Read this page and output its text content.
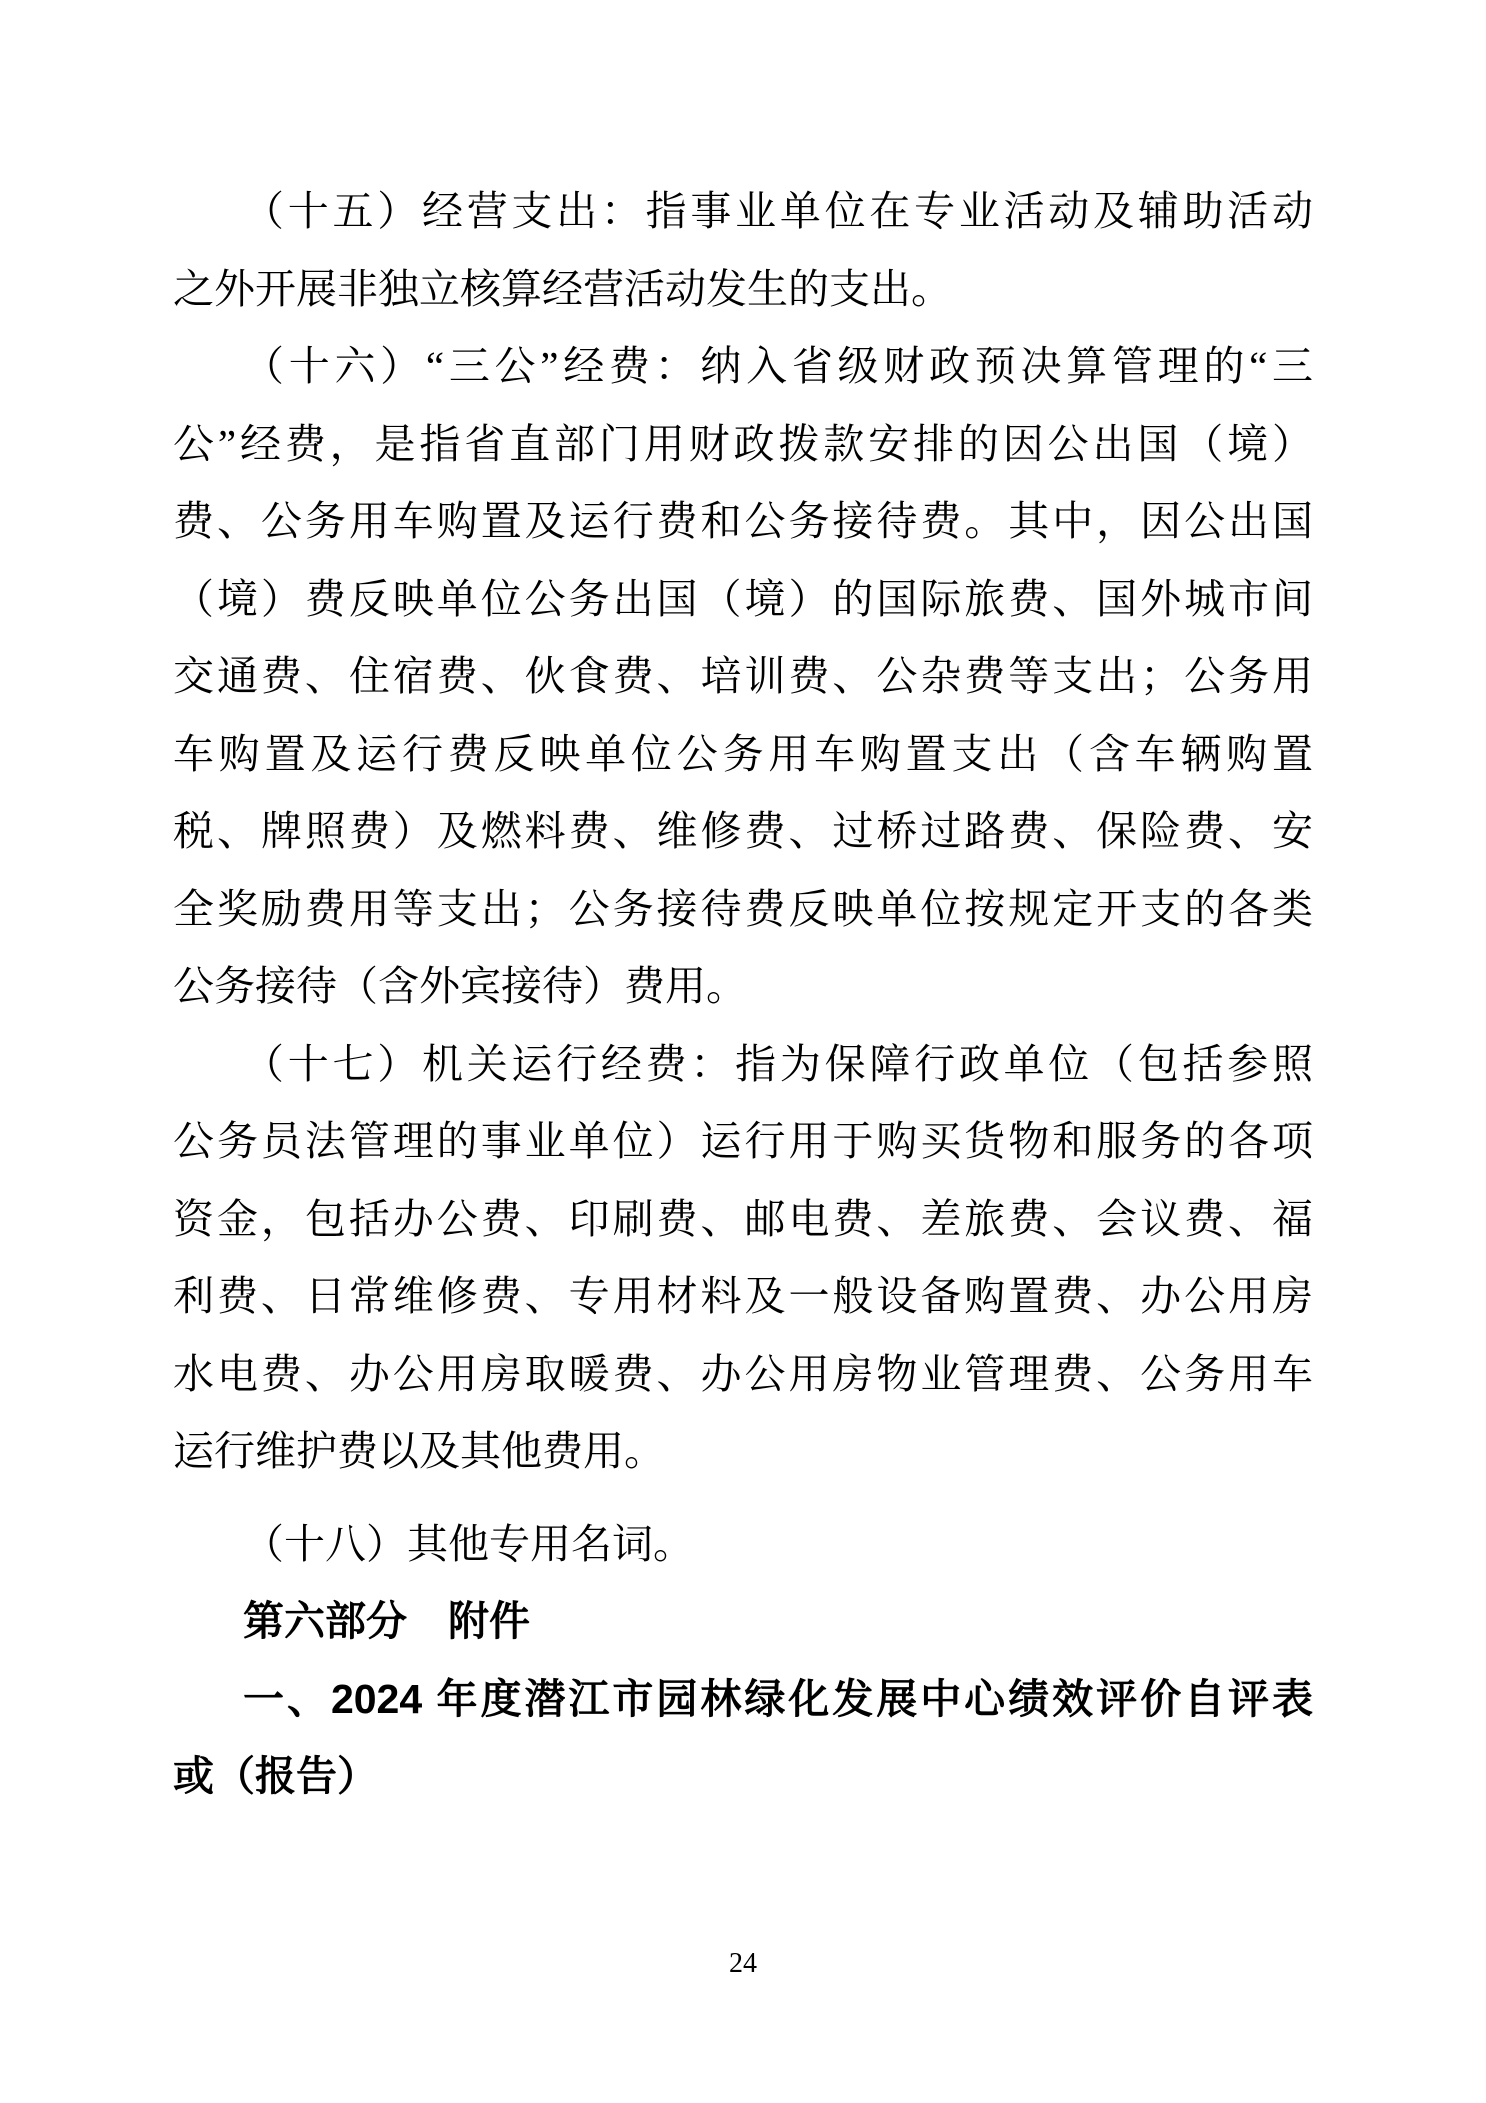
（十五）经营支出：指事业单位在专业活动及辅助活动
之外开展非独立核算经营活动发生的支出。
（十六）“三公”经费：纳入省级财政预决算管理的“三
公”经费，是指省直部门用财政拨款安排的因公出国（境）
费、公务用车购置及运行费和公务接待费。其中，因公出国
（境）费反映单位公务出国（境）的国际旅费、国外城市间
交通费、住宿费、伙食费、培训费、公杂费等支出；公务用
车购置及运行费反映单位公务用车购置支出（含车辆购置
税、牌照费）及燃料费、维修费、过桥过路费、保险费、安
全奖励费用等支出；公务接待费反映单位按规定开支的各类
公务接待（含外宾接待）费用。
（十七）机关运行经费：指为保障行政单位（包括参照
公务员法管理的事业单位）运行用于购买货物和服务的各项
资金，包括办公费、印刷费、邮电费、差旅费、会议费、福
利费、日常维修费、专用材料及一般设备购置费、办公用房
水电费、办公用房取暖费、办公用房物业管理费、公务用车
运行维护费以及其他费用。
（十八）其他专用名词。
第六部分　附件
一、2024 年度潜江市园林绿化发展中心绩效评价自评表
或（报告）
24
